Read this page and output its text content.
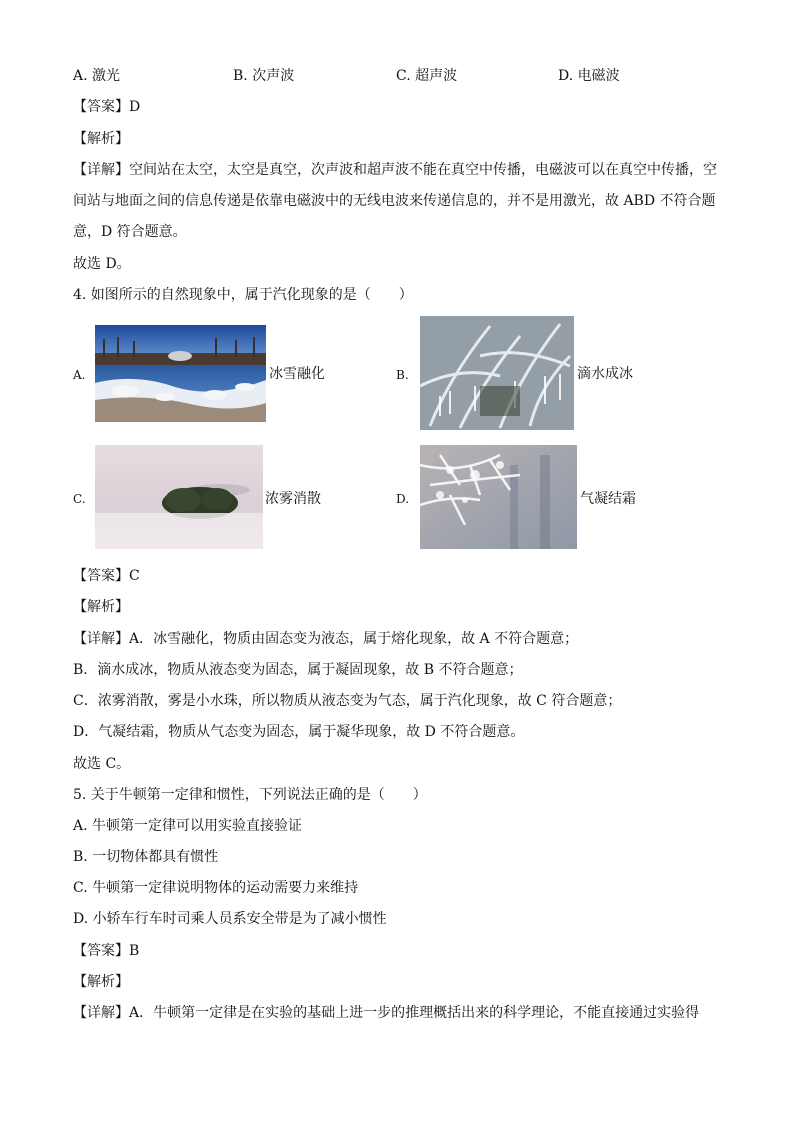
A. 激光	B. 次声波	C. 超声波	D. 电磁波
【答案】D
【解析】
【详解】空间站在太空，太空是真空，次声波和超声波不能在真空中传播，电磁波可以在真空中传播，空
间站与地面之间的信息传递是依靠电磁波中的无线电波来传递信息的，并不是用激光，故 ABD 不符合题
意，D 符合题意。
故选 D。
4. 如图所示的自然现象中，属于汽化现象的是（　　）
A.	冰雪融化	B.	滴水成冰
C.	浓雾消散	D.	气凝结霜
【答案】C
【解析】
【详解】A．冰雪融化，物质由固态变为液态，属于熔化现象，故 A 不符合题意；
B．滴水成冰，物质从液态变为固态，属于凝固现象，故 B 不符合题意；
C．浓雾消散，雾是小水珠，所以物质从液态变为气态，属于汽化现象，故 C 符合题意；
D．气凝结霜，物质从气态变为固态，属于凝华现象，故 D 不符合题意。
故选 C。
5. 关于牛顿第一定律和惯性，下列说法正确的是（　　）
A. 牛顿第一定律可以用实验直接验证
B. 一切物体都具有惯性
C. 牛顿第一定律说明物体的运动需要力来维持
D. 小轿车行车时司乘人员系安全带是为了减小惯性
【答案】B
【解析】
【详解】A．牛顿第一定律是在实验的基础上进一步的推理概括出来的科学理论，不能直接通过实验得
